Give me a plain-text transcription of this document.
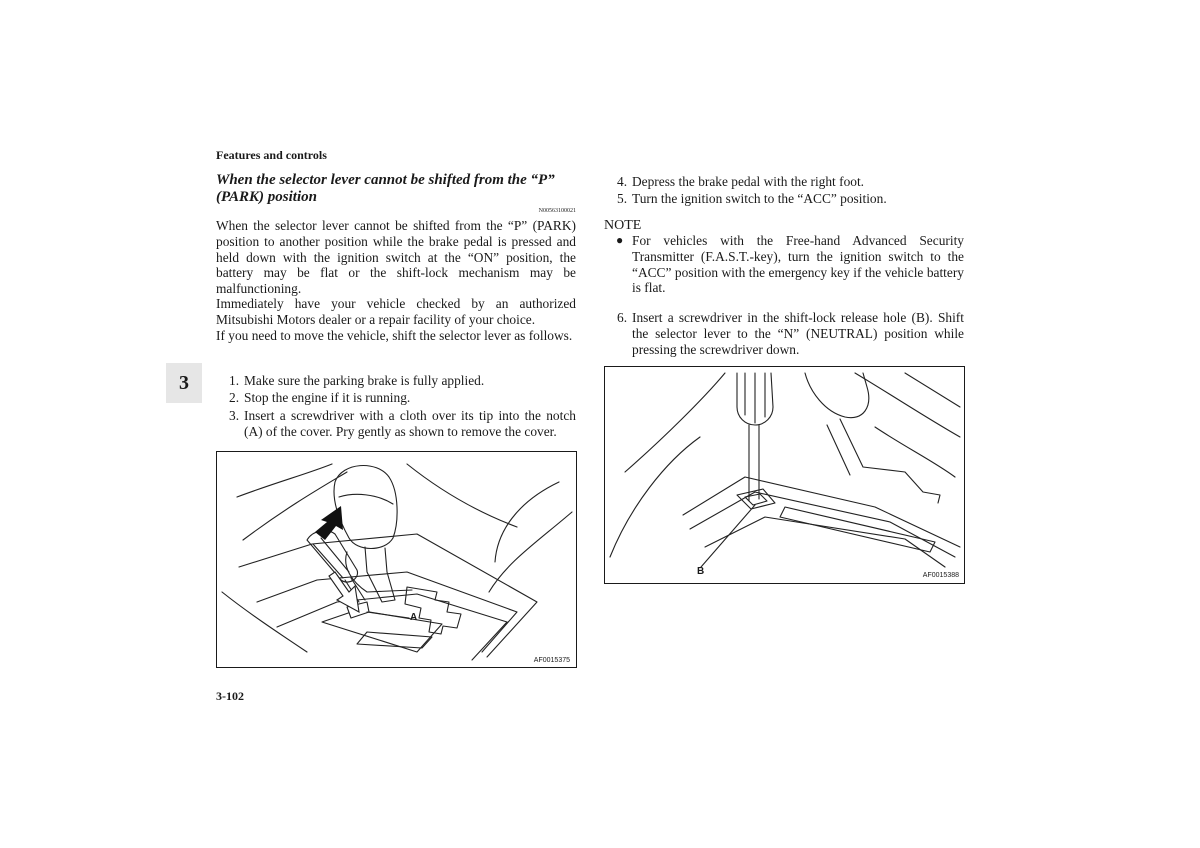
Features and controls
3
When the selector lever cannot be shifted from the “P” (PARK) position
N00563100021
When the selector lever cannot be shifted from the “P” (PARK) position to another position while the brake pedal is pressed and held down with the ignition switch at the “ON” position, the battery may be flat or the shift-lock mechanism may be malfunctioning.
Immediately have your vehicle checked by an authorized Mitsubishi Motors dealer or a repair facility of your choice.
If you need to move the vehicle, shift the selector lever as follows.
1. Make sure the parking brake is fully applied.
2. Stop the engine if it is running.
3. Insert a screwdriver with a cloth over its tip into the notch (A) of the cover. Pry gently as shown to remove the cover.
A
AF0015375
4. Depress the brake pedal with the right foot.
5. Turn the ignition switch to the “ACC” position.
NOTE
● For vehicles with the Free-hand Advanced Security Transmitter (F.A.S.T.-key), turn the ignition switch to the “ACC” position with the emergency key if the vehicle battery is flat.
6. Insert a screwdriver in the shift-lock release hole (B). Shift the selector lever to the “N” (NEUTRAL) position while pressing the screwdriver down.
B	AF0015388
3-102
